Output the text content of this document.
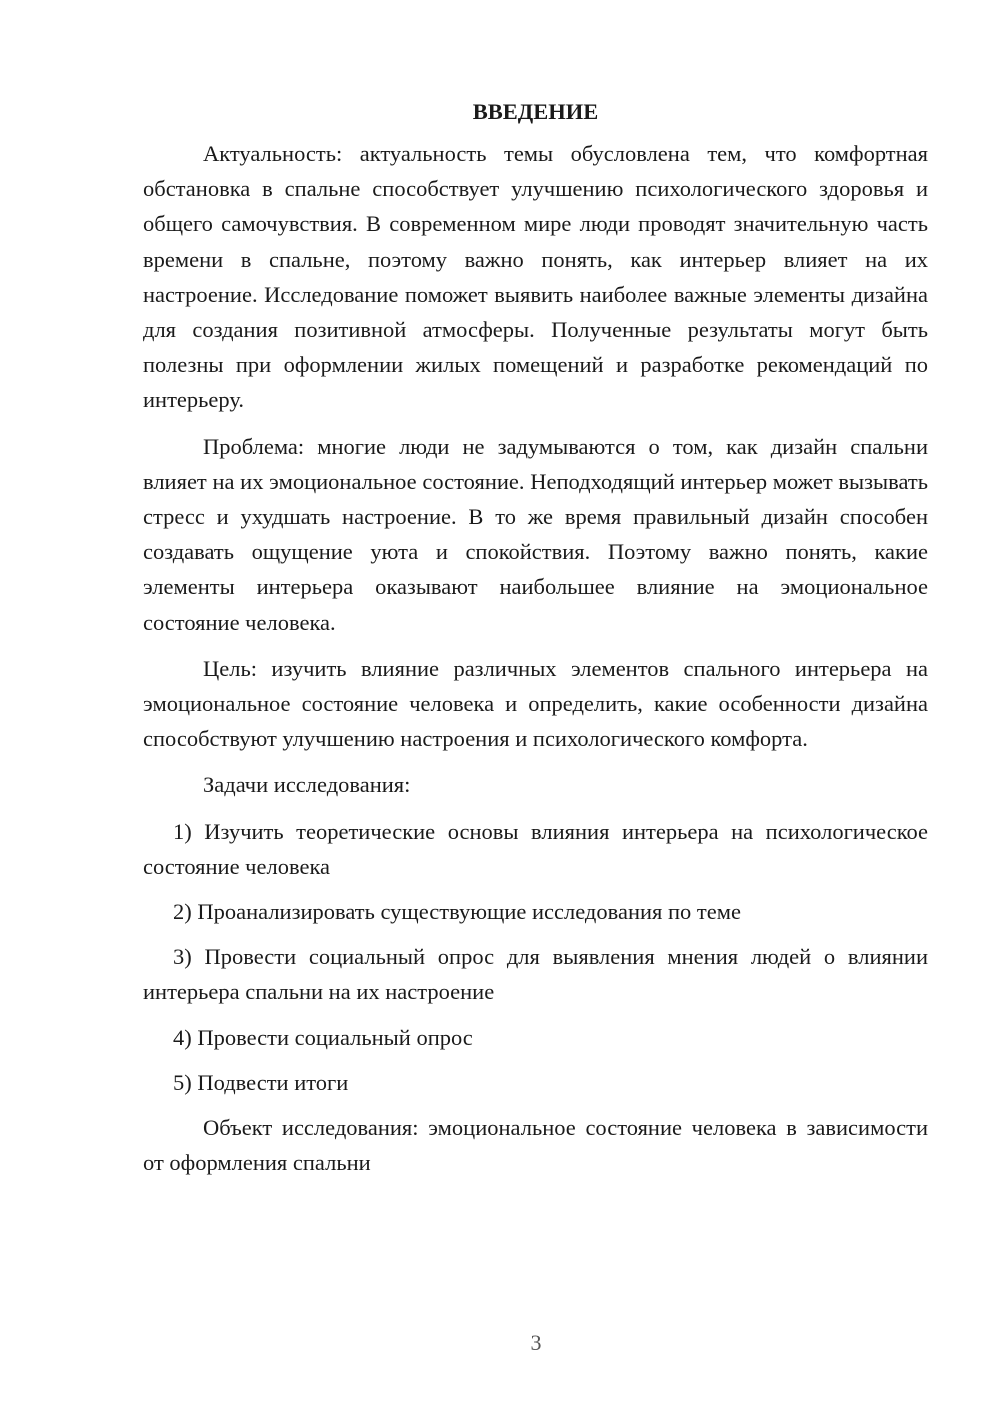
ВВЕДЕНИЕ

Актуальность: актуальность темы обусловлена тем, что комфортная обстановка в спальне способствует улучшению психологического здоровья и общего самочувствия. В современном мире люди проводят значительную часть времени в спальне, поэтому важно понять, как интерьер влияет на их настроение. Исследование поможет выявить наиболее важные элементы дизайна для создания позитивной атмосферы. Полученные результаты могут быть полезны при оформлении жилых помещений и разработке рекомендаций по интерьеру.

Проблема: многие люди не задумываются о том, как дизайн спальни влияет на их эмоциональное состояние. Неподходящий интерьер может вызывать стресс и ухудшать настроение. В то же время правильный дизайн способен создавать ощущение уюта и спокойствия. Поэтому важно понять, какие элементы интерьера оказывают наибольшее влияние на эмоциональное состояние человека.

Цель: изучить влияние различных элементов спального интерьера на эмоциональное состояние человека и определить, какие особенности дизайна способствуют улучшению настроения и психологического комфорта.

Задачи исследования:

1) Изучить теоретические основы влияния интерьера на психологическое состояние человека

2) Проанализировать существующие исследования по теме

3) Провести социальный опрос для выявления мнения людей о влиянии интерьера спальни на их настроение

4) Провести социальный опрос

5) Подвести итоги

Объект исследования: эмоциональное состояние человека в зависимости от оформления спальни

3
